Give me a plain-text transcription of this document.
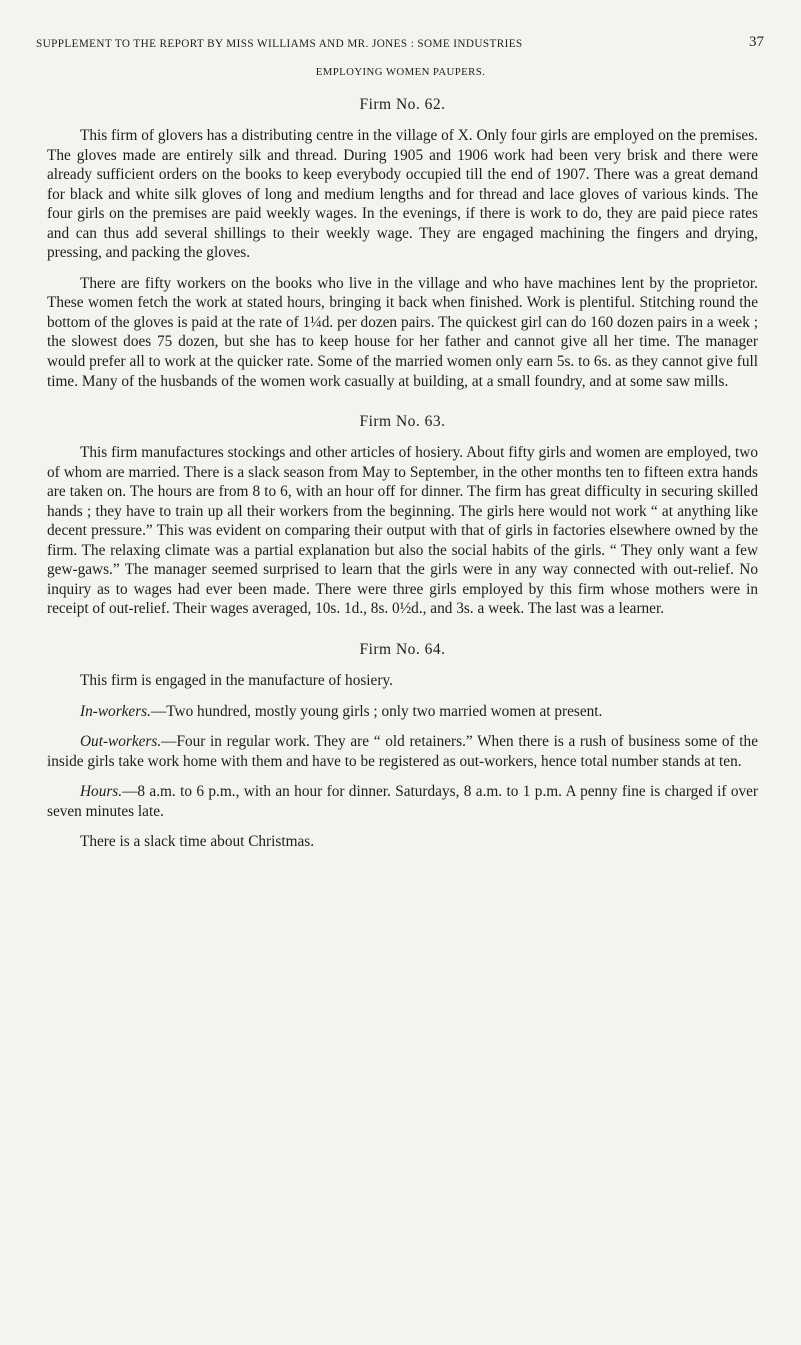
SUPPLEMENT TO THE REPORT BY MISS WILLIAMS AND MR. JONES : SOME INDUSTRIES	37
EMPLOYING WOMEN PAUPERS.
Firm No. 62.

This firm of glovers has a distributing centre in the village of X. Only four girls are employed on the premises. The gloves made are entirely silk and thread. During 1905 and 1906 work had been very brisk and there were already sufficient orders on the books to keep everybody occupied till the end of 1907. There was a great demand for black and white silk gloves of long and medium lengths and for thread and lace gloves of various kinds. The four girls on the premises are paid weekly wages. In the evenings, if there is work to do, they are paid piece rates and can thus add several shillings to their weekly wage. They are engaged machining the fingers and drying, pressing, and packing the gloves.

There are fifty workers on the books who live in the village and who have machines lent by the proprietor. These women fetch the work at stated hours, bringing it back when finished. Work is plentiful. Stitching round the bottom of the gloves is paid at the rate of 1¼d. per dozen pairs. The quickest girl can do 160 dozen pairs in a week ; the slowest does 75 dozen, but she has to keep house for her father and cannot give all her time. The manager would prefer all to work at the quicker rate. Some of the married women only earn 5s. to 6s. as they cannot give full time. Many of the husbands of the women work casually at building, at a small foundry, and at some saw mills.

Firm No. 63.

This firm manufactures stockings and other articles of hosiery. About fifty girls and women are employed, two of whom are married. There is a slack season from May to September, in the other months ten to fifteen extra hands are taken on. The hours are from 8 to 6, with an hour off for dinner. The firm has great difficulty in securing skilled hands ; they have to train up all their workers from the beginning. The girls here would not work “ at anything like decent pressure.” This was evident on comparing their output with that of girls in factories elsewhere owned by the firm. The relaxing climate was a partial explanation but also the social habits of the girls. “ They only want a few gew-gaws.” The manager seemed surprised to learn that the girls were in any way connected with out-relief. No inquiry as to wages had ever been made. There were three girls employed by this firm whose mothers were in receipt of out-relief. Their wages averaged, 10s. 1d., 8s. 0½d., and 3s. a week. The last was a learner.

Firm No. 64.

This firm is engaged in the manufacture of hosiery.

In-workers.—Two hundred, mostly young girls ; only two married women at present.

Out-workers.—Four in regular work. They are “ old retainers.” When there is a rush of business some of the inside girls take work home with them and have to be registered as out-workers, hence total number stands at ten.

Hours.—8 a.m. to 6 p.m., with an hour for dinner. Saturdays, 8 a.m. to 1 p.m. A penny fine is charged if over seven minutes late.

There is a slack time about Christmas.
